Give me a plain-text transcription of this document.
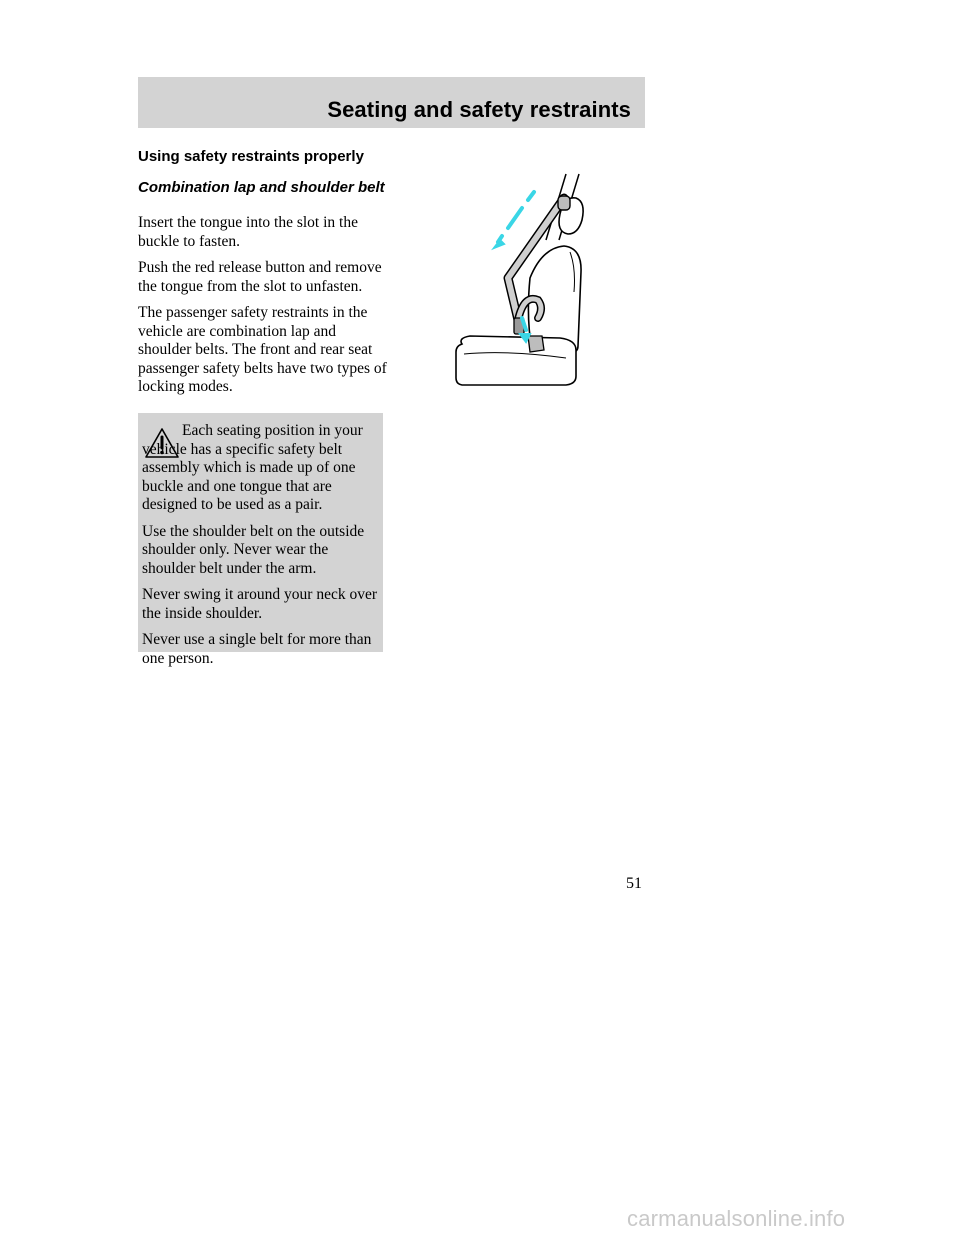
Seating and safety restraints
Using safety restraints properly
Combination lap and shoulder belt

Insert the tongue into the slot in the buckle to fasten.

Push the red release button and remove the tongue from the slot to unfasten.

The passenger safety restraints in the vehicle are combination lap and shoulder belts. The front and rear seat passenger safety belts have two types of locking modes.

Each seating position in your vehicle has a specific safety belt assembly which is made up of one buckle and one tongue that are designed to be used as a pair.

Use the shoulder belt on the outside shoulder only. Never wear the shoulder belt under the arm.

Never swing it around your neck over the inside shoulder.

Never use a single belt for more than one person.

51
carmanualsonline.info
